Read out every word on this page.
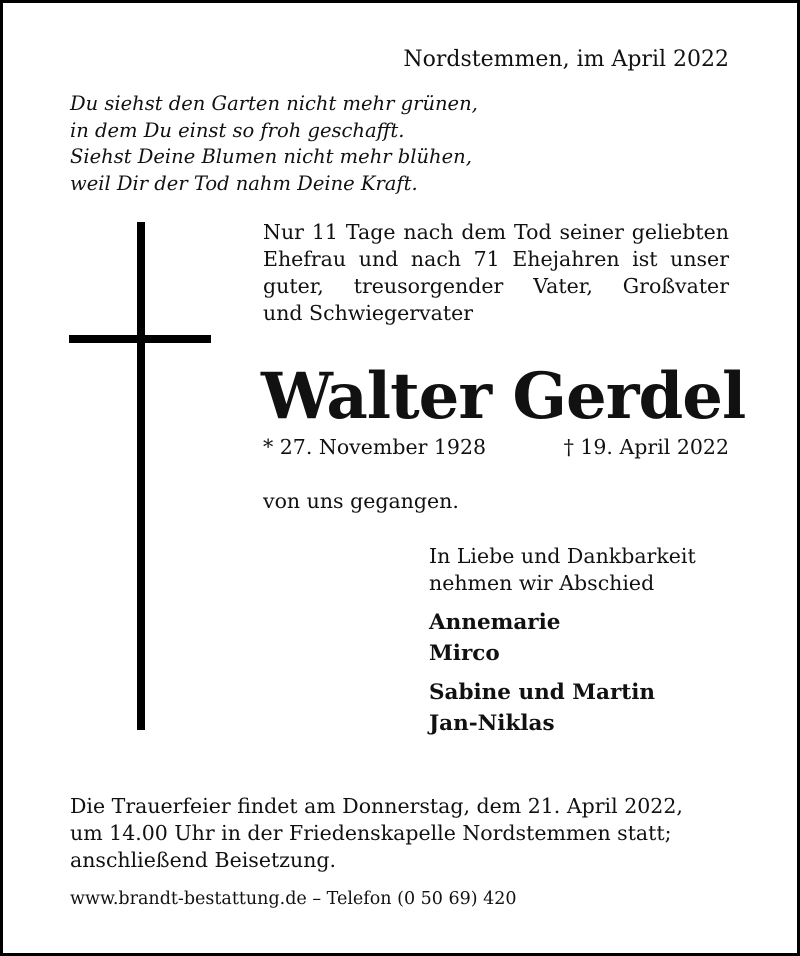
Nordstemmen, im April 2022
Du siehst den Garten nicht mehr grünen,
in dem Du einst so froh geschafft.
Siehst Deine Blumen nicht mehr blühen,
weil Dir der Tod nahm Deine Kraft.
Nur 11 Tage nach dem Tod seiner geliebten
Ehefrau und nach 71 Ehejahren ist unser
guter, treusorgender Vater, Großvater
und Schwiegervater
Walter Gerdel
* 27. November 1928	† 19. April 2022
von uns gegangen.
In Liebe und Dankbarkeit
nehmen wir Abschied
Annemarie
Mirco
Sabine und Martin
Jan-Niklas
Die Trauerfeier findet am Donnerstag, dem 21. April 2022,
um 14.00 Uhr in der Friedenskapelle Nordstemmen statt;
anschließend Beisetzung.
www.brandt-bestattung.de – Telefon (0 50 69) 420
